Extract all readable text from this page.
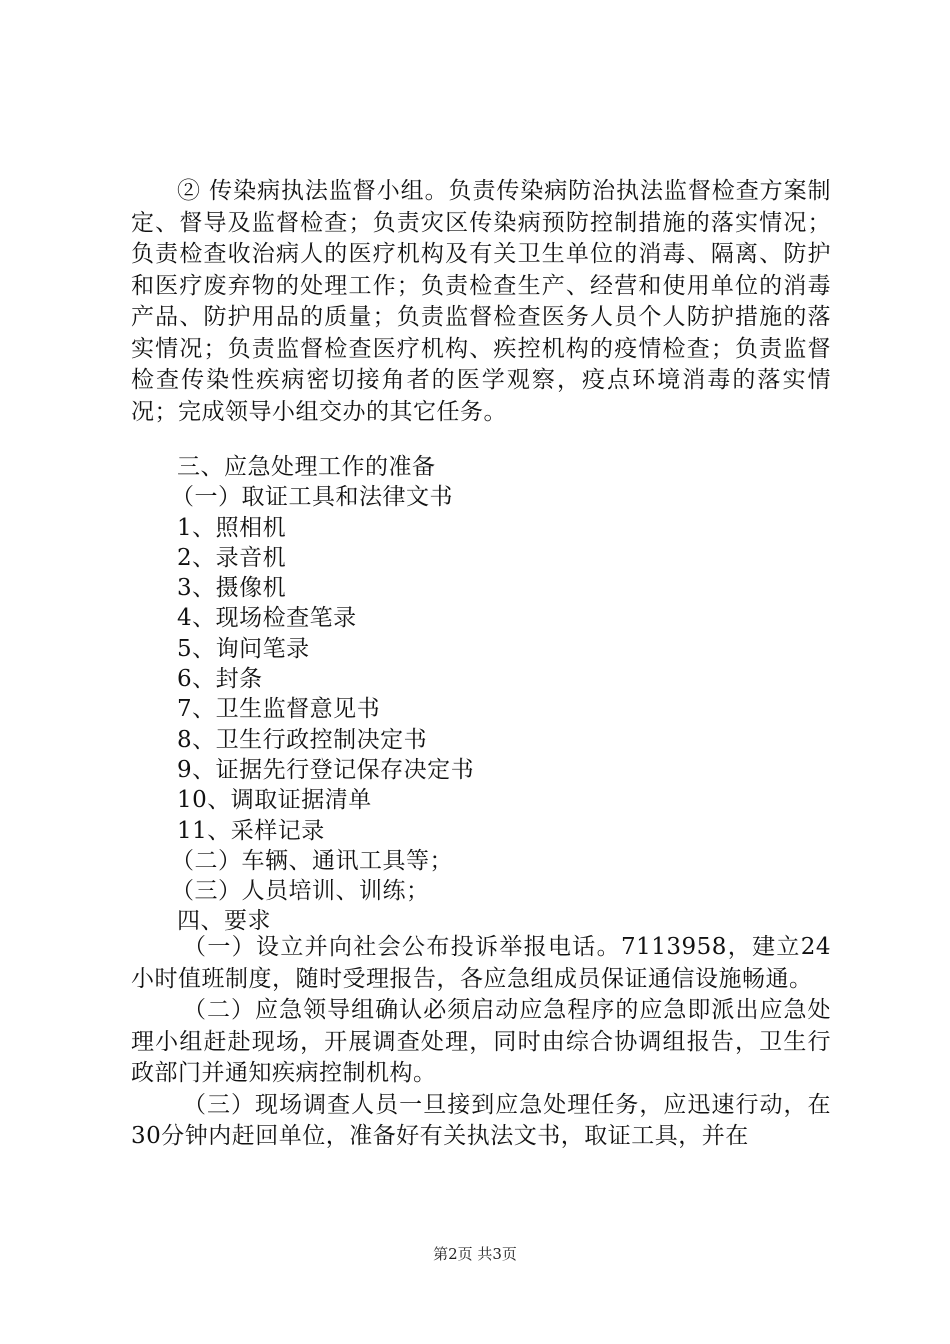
② 传染病执法监督小组。负责传染病防治执法监督检查方案制定、督导及监督检查；负责灾区传染病预防控制措施的落实情况；负责检查收治病人的医疗机构及有关卫生单位的消毒、隔离、防护和医疗废弃物的处理工作；负责检查生产、经营和使用单位的消毒产品、防护用品的质量；负责监督检查医务人员个人防护措施的落实情况；负责监督检查医疗机构、疾控机构的疫情检查；负责监督检查传染性疾病密切接角者的医学观察，疫点环境消毒的落实情况；完成领导小组交办的其它任务。

三、应急处理工作的准备

（一）取证工具和法律文书

1、照相机

2、录音机

3、摄像机

4、现场检查笔录

5、询问笔录

6、封条

7、卫生监督意见书

8、卫生行政控制决定书

9、证据先行登记保存决定书

10、调取证据清单

11、采样记录

（二）车辆、通讯工具等；

（三）人员培训、训练；

四、要求

（一）设立并向社会公布投诉举报电话。7113958，建立24小时值班制度，随时受理报告，各应急组成员保证通信设施畅通。

（二）应急领导组确认必须启动应急程序的应急即派出应急处理小组赶赴现场，开展调查处理，同时由综合协调组报告，卫生行政部门并通知疾病控制机构。

（三）现场调查人员一旦接到应急处理任务，应迅速行动，在30分钟内赶回单位，准备好有关执法文书，取证工具，并在

第2页 共3页
